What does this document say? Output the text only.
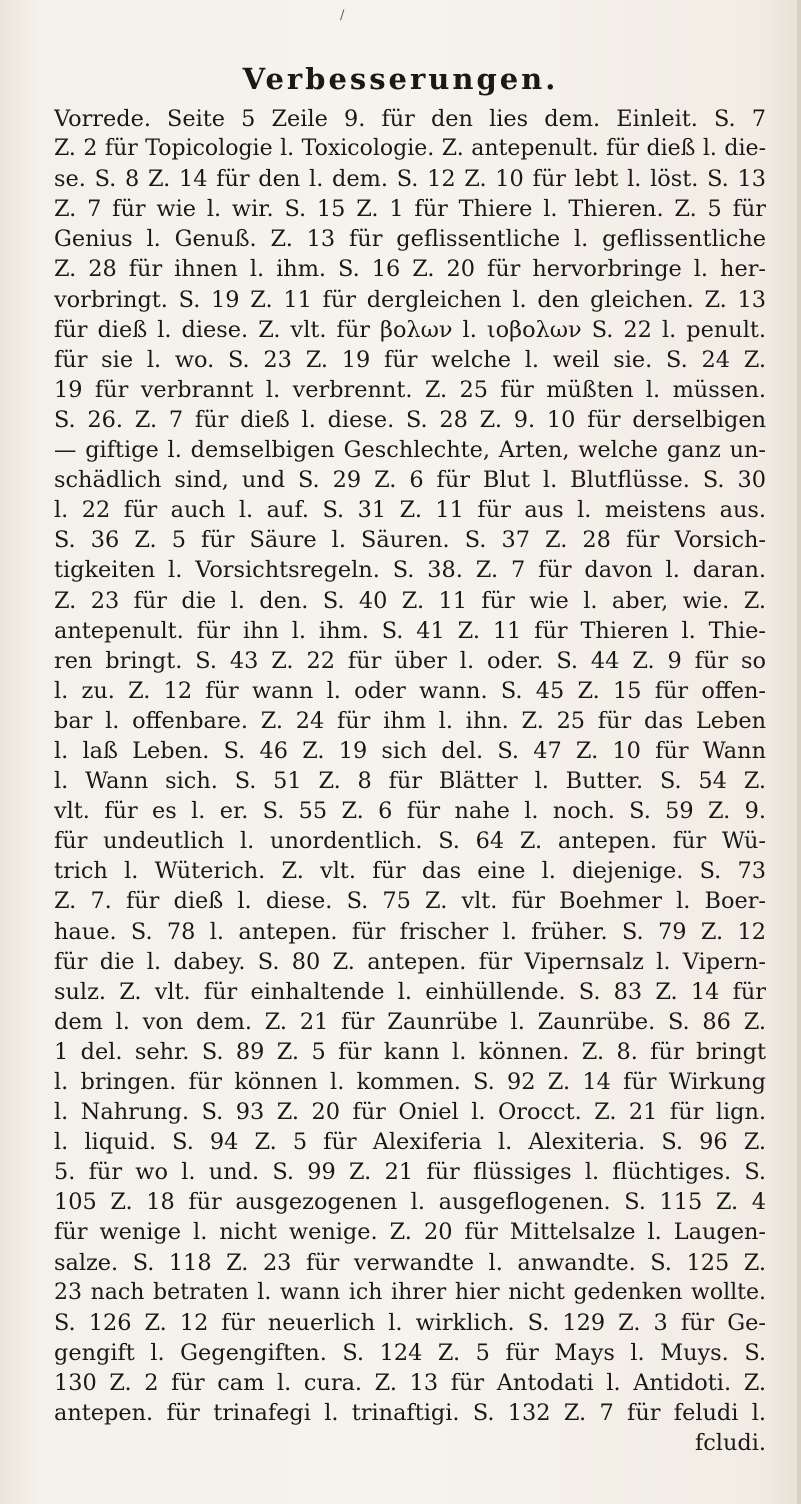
/
Verbesserungen.
Vorrede. Seite 5 Zeile 9. für den lies dem. Einleit. S. 7
Z. 2 für Topicologie l. Toxicologie. Z. antepenult. für dieß l. die-
se. S. 8 Z. 14 für den l. dem. S. 12 Z. 10 für lebt l. löst. S. 13
Z. 7 für wie l. wir. S. 15 Z. 1 für Thiere l. Thieren. Z. 5 für
Genius l. Genuß. Z. 13 für geflissentliche l. geflissentliche
Z. 28 für ihnen l. ihm. S. 16 Z. 20 für hervorbringe l. her-
vorbringt. S. 19 Z. 11 für dergleichen l. den gleichen. Z. 13
für dieß l. diese. Z. vlt. für βoλων l. ιoβoλων S. 22 l. penult.
für sie l. wo. S. 23 Z. 19 für welche l. weil sie. S. 24 Z.
19 für verbrannt l. verbrennt. Z. 25 für müßten l. müssen.
S. 26. Z. 7 für dieß l. diese. S. 28 Z. 9. 10 für derselbigen
— giftige l. demselbigen Geschlechte, Arten, welche ganz un-
schädlich sind, und S. 29 Z. 6 für Blut l. Blutflüsse. S. 30
l. 22 für auch l. auf. S. 31 Z. 11 für aus l. meistens aus.
S. 36 Z. 5 für Säure l. Säuren. S. 37 Z. 28 für Vorsich-
tigkeiten l. Vorsichtsregeln. S. 38. Z. 7 für davon l. daran.
Z. 23 für die l. den. S. 40 Z. 11 für wie l. aber, wie. Z.
antepenult. für ihn l. ihm. S. 41 Z. 11 für Thieren l. Thie-
ren bringt. S. 43 Z. 22 für über l. oder. S. 44 Z. 9 für so
l. zu. Z. 12 für wann l. oder wann. S. 45 Z. 15 für offen-
bar l. offenbare. Z. 24 für ihm l. ihn. Z. 25 für das Leben
l. laß Leben. S. 46 Z. 19 sich del. S. 47 Z. 10 für Wann
l. Wann sich. S. 51 Z. 8 für Blätter l. Butter. S. 54 Z.
vlt. für es l. er. S. 55 Z. 6 für nahe l. noch. S. 59 Z. 9.
für undeutlich l. unordentlich. S. 64 Z. antepen. für Wü-
trich l. Wüterich. Z. vlt. für das eine l. diejenige. S. 73
Z. 7. für dieß l. diese. S. 75 Z. vlt. für Boehmer l. Boer-
haue. S. 78 l. antepen. für frischer l. früher. S. 79 Z. 12
für die l. dabey. S. 80 Z. antepen. für Vipernsalz l. Vipern-
sulz. Z. vlt. für einhaltende l. einhüllende. S. 83 Z. 14 für
dem l. von dem. Z. 21 für Zaunrübe l. Zaunrübe. S. 86 Z.
1 del. sehr. S. 89 Z. 5 für kann l. können. Z. 8. für bringt
l. bringen. für können l. kommen. S. 92 Z. 14 für Wirkung
l. Nahrung. S. 93 Z. 20 für Oniel l. Orocct. Z. 21 für lign.
l. liquid. S. 94 Z. 5 für Alexiferia l. Alexiteria. S. 96 Z.
5. für wo l. und. S. 99 Z. 21 für flüssiges l. flüchtiges. S.
105 Z. 18 für ausgezogenen l. ausgeflogenen. S. 115 Z. 4
für wenige l. nicht wenige. Z. 20 für Mittelsalze l. Laugen-
salze. S. 118 Z. 23 für verwandte l. anwandte. S. 125 Z.
23 nach betraten l. wann ich ihrer hier nicht gedenken wollte.
S. 126 Z. 12 für neuerlich l. wirklich. S. 129 Z. 3 für Ge-
gengift l. Gegengiften. S. 124 Z. 5 für Mays l. Muys. S.
130 Z. 2 für cam l. cura. Z. 13 für Antodati l. Antidoti. Z.
antepen. für trinafegi l. trinaftigi. S. 132 Z. 7 für feludi l.
fcludi.
